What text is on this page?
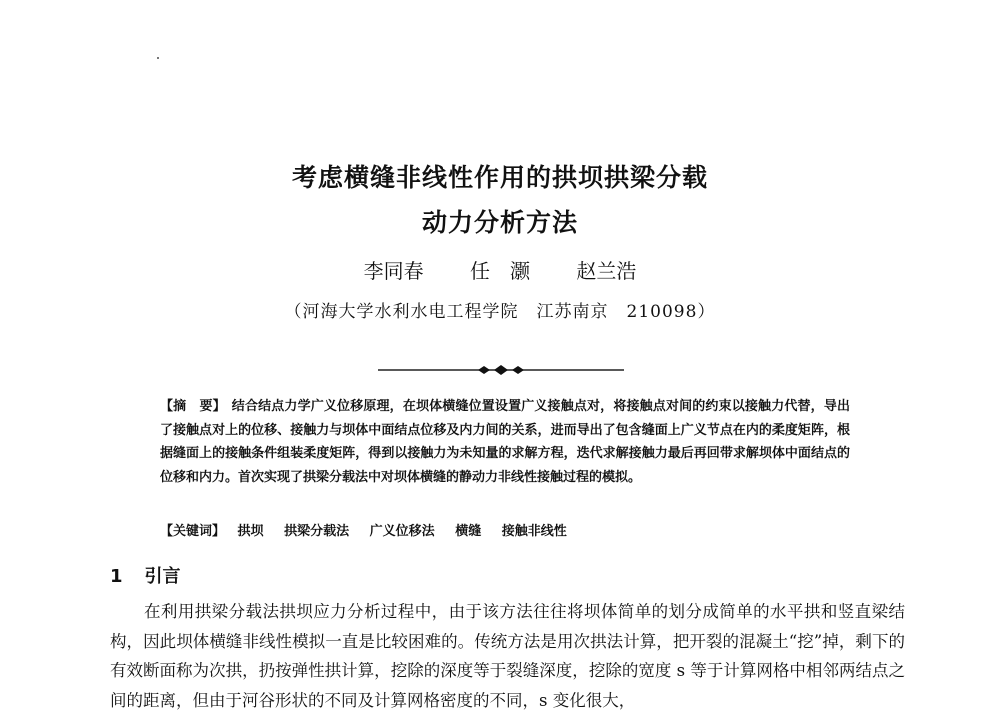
考虑横缝非线性作用的拱坝拱梁分载
动力分析方法
李同春 任　灏 赵兰浩
（河海大学水利水电工程学院　江苏南京　210098）
【摘　要】 结合结点力学广义位移原理，在坝体横缝位置设置广义接触点对，将接触点对间的约束以接触力代替，导出了接触点对上的位移、接触力与坝体中面结点位移及内力间的关系，进而导出了包含缝面上广义节点在内的柔度矩阵，根据缝面上的接触条件组装柔度矩阵，得到以接触力为未知量的求解方程，迭代求解接触力最后再回带求解坝体中面结点的位移和内力。首次实现了拱梁分载法中对坝体横缝的静动力非线性接触过程的模拟。
【关键词】 拱坝 拱梁分载法 广义位移法 横缝 接触非线性
1 引言
在利用拱梁分载法拱坝应力分析过程中，由于该方法往往将坝体简单的划分成简单的水平拱和竖直梁结构，因此坝体横缝非线性模拟一直是比较困难的。传统方法是用次拱法计算，把开裂的混凝土“挖”掉，剩下的有效断面称为次拱，扔按弹性拱计算，挖除的深度等于裂缝深度，挖除的宽度 s 等于计算网格中相邻两结点之间的距离，但由于河谷形状的不同及计算网格密度的不同，s 变化很大，
